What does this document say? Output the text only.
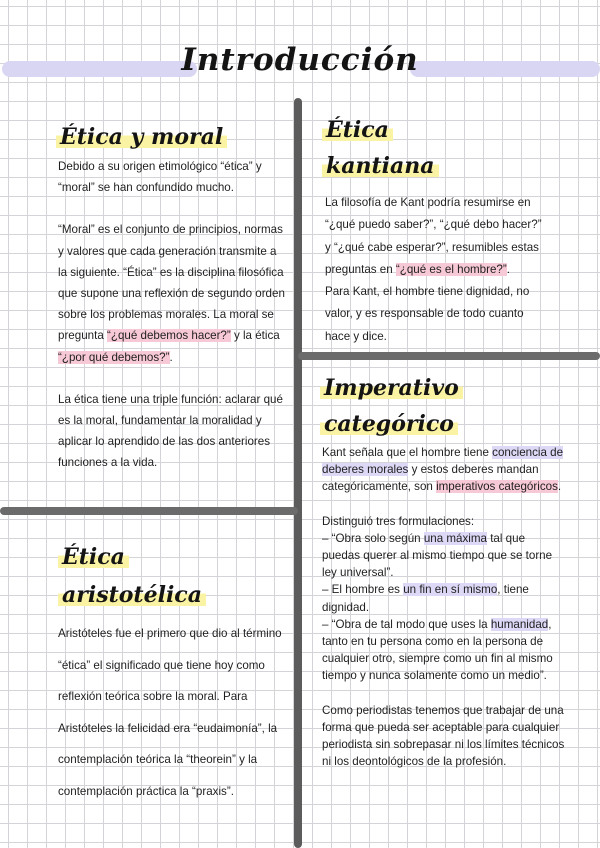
Introducción
Ética y moral

Debido a su origen etimológico “ética” y “moral” se han confundido mucho.

“Moral” es el conjunto de principios, normas y valores que cada generación transmite a la siguiente. “Ética” es la disciplina filosófica que supone una reflexión de segundo orden sobre los problemas morales. La moral se pregunta “¿qué debemos hacer?” y la ética “¿por qué debemos?”.

La ética tiene una triple función: aclarar qué es la moral, fundamentar la moralidad y aplicar lo aprendido de las dos anteriores funciones a la vida.

Ética
kantiana

La filosofía de Kant podría resumirse en “¿qué puedo saber?”, “¿qué debo hacer?” y “¿qué cabe esperar?”, resumibles estas preguntas en “¿qué es el hombre?”.

Para Kant, el hombre tiene dignidad, no valor, y es responsable de todo cuanto hace y dice.

Imperativo
categórico

Kant señala que el hombre tiene conciencia de deberes morales y estos deberes mandan categóricamente, son imperativos categóricos.

Distinguió tres formulaciones:

– “Obra solo según una máxima tal que puedas querer al mismo tiempo que se torne ley universal”.

– El hombre es un fin en sí mismo, tiene dignidad.

– “Obra de tal modo que uses la humanidad, tanto en tu persona como en la persona de cualquier otro, siempre como un fin al mismo tiempo y nunca solamente como un medio”.

Como periodistas tenemos que trabajar de una forma que pueda ser aceptable para cualquier periodista sin sobrepasar ni los límites técnicos ni los deontológicos de la profesión.

Ética
aristotélica

Aristóteles fue el primero que dio al término “ética” el significado que tiene hoy como reflexión teórica sobre la moral. Para Aristóteles la felicidad era “eudaimonía”, la contemplación teórica la “theorein” y la contemplación práctica la “praxis”.
